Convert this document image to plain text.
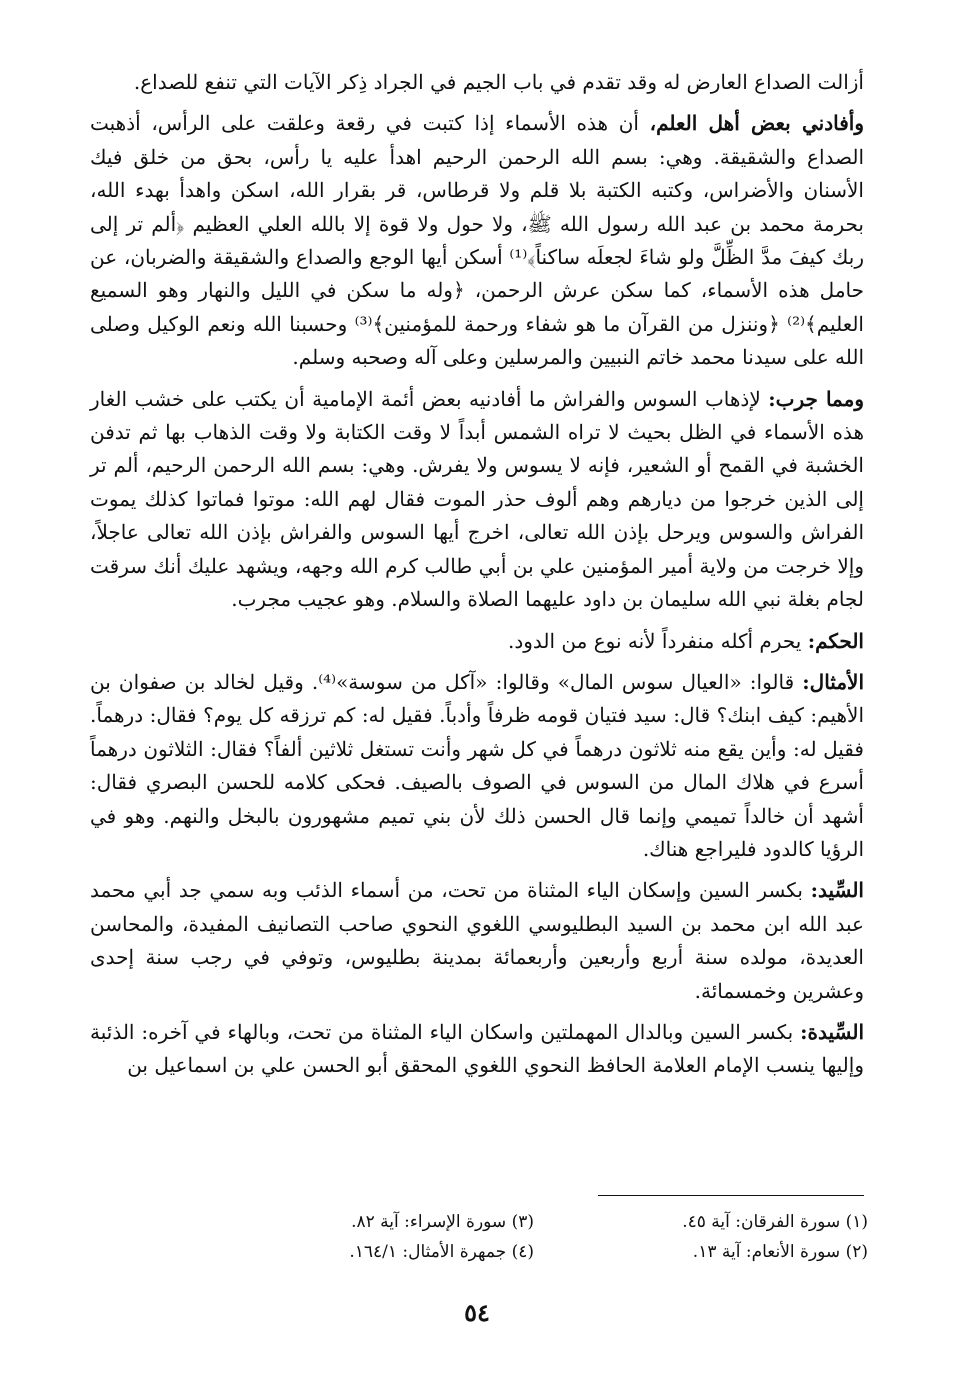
أزالت الصداع العارض له وقد تقدم في باب الجيم في الجراد ذِكر الآيات التي تنفع للصداع.

وأفادني بعض أهل العلم، أن هذه الأسماء إذا كتبت في رقعة وعلقت على الرأس، أذهبت الصداع والشقيقة. وهي: بسم الله الرحمن الرحيم اهدأ عليه يا رأس، بحق من خلق فيك الأسنان والأضراس، وكتبه الكتبة بلا قلم ولا قرطاس، قر بقرار الله، اسكن واهدأ بهدء الله، بحرمة محمد بن عبد الله رسول الله ﷺ، ولا حول ولا قوة إلا بالله العلي العظيم ﴿ألم تر إلى ربك كيفَ مدَّ الظِّلَّ ولو شاءَ لجعلَه ساكناً﴾⁽¹⁾ أسكن أيها الوجع والصداع والشقيقة والضربان، عن حامل هذه الأسماء، كما سكن عرش الرحمن، ﴿وله ما سكن في الليل والنهار وهو السميع العليم﴾⁽²⁾ ﴿وننزل من القرآن ما هو شفاء ورحمة للمؤمنين﴾⁽³⁾ وحسبنا الله ونعم الوكيل وصلى الله على سيدنا محمد خاتم النبيين والمرسلين وعلى آله وصحبه وسلم.

ومما جرب: لإذهاب السوس والفراش ما أفادنيه بعض أئمة الإمامية أن يكتب على خشب الغار هذه الأسماء في الظل بحيث لا تراه الشمس أبداً لا وقت الكتابة ولا وقت الذهاب بها ثم تدفن الخشبة في القمح أو الشعير، فإنه لا يسوس ولا يفرش. وهي: بسم الله الرحمن الرحيم، ألم تر إلى الذين خرجوا من ديارهم وهم ألوف حذر الموت فقال لهم الله: موتوا فماتوا كذلك يموت الفراش والسوس ويرحل بإذن الله تعالى، اخرج أيها السوس والفراش بإذن الله تعالى عاجلاً، وإلا خرجت من ولاية أمير المؤمنين علي بن أبي طالب كرم الله وجهه، ويشهد عليك أنك سرقت لجام بغلة نبي الله سليمان بن داود عليهما الصلاة والسلام. وهو عجيب مجرب.

الحكم: يحرم أكله منفرداً لأنه نوع من الدود.

الأمثال: قالوا: «العيال سوس المال» وقالوا: «آكل من سوسة»⁽⁴⁾. وقيل لخالد بن صفوان بن الأهيم: كيف ابنك؟ قال: سيد فتيان قومه ظرفاً وأدباً. فقيل له: كم ترزقه كل يوم؟ فقال: درهماً. فقيل له: وأين يقع منه ثلاثون درهماً في كل شهر وأنت تستغل ثلاثين ألفاً؟ فقال: الثلاثون درهماً أسرع في هلاك المال من السوس في الصوف بالصيف. فحكى كلامه للحسن البصري فقال: أشهد أن خالداً تميمي وإنما قال الحسن ذلك لأن بني تميم مشهورون بالبخل والنهم. وهو في الرؤيا كالدود فليراجع هناك.

السِّيد: بكسر السين وإسكان الياء المثناة من تحت، من أسماء الذئب وبه سمي جد أبي محمد عبد الله ابن محمد بن السيد البطليوسي اللغوي النحوي صاحب التصانيف المفيدة، والمحاسن العديدة، مولده سنة أربع وأربعين وأربعمائة بمدينة بطليوس، وتوفي في رجب سنة إحدى وعشرين وخمسمائة.

السِّيدة: بكسر السين وبالدال المهملتين واسكان الياء المثناة من تحت، وبالهاء في آخره: الذئبة وإليها ينسب الإمام العلامة الحافظ النحوي اللغوي المحقق أبو الحسن علي بن اسماعيل بن

(١) سورة الفرقان: آية ٤٥.
(٣) سورة الإسراء: آية ٨٢.
(٢) سورة الأنعام: آية ١٣.
(٤) جمهرة الأمثال: ١٦٤/١.
٥٤
